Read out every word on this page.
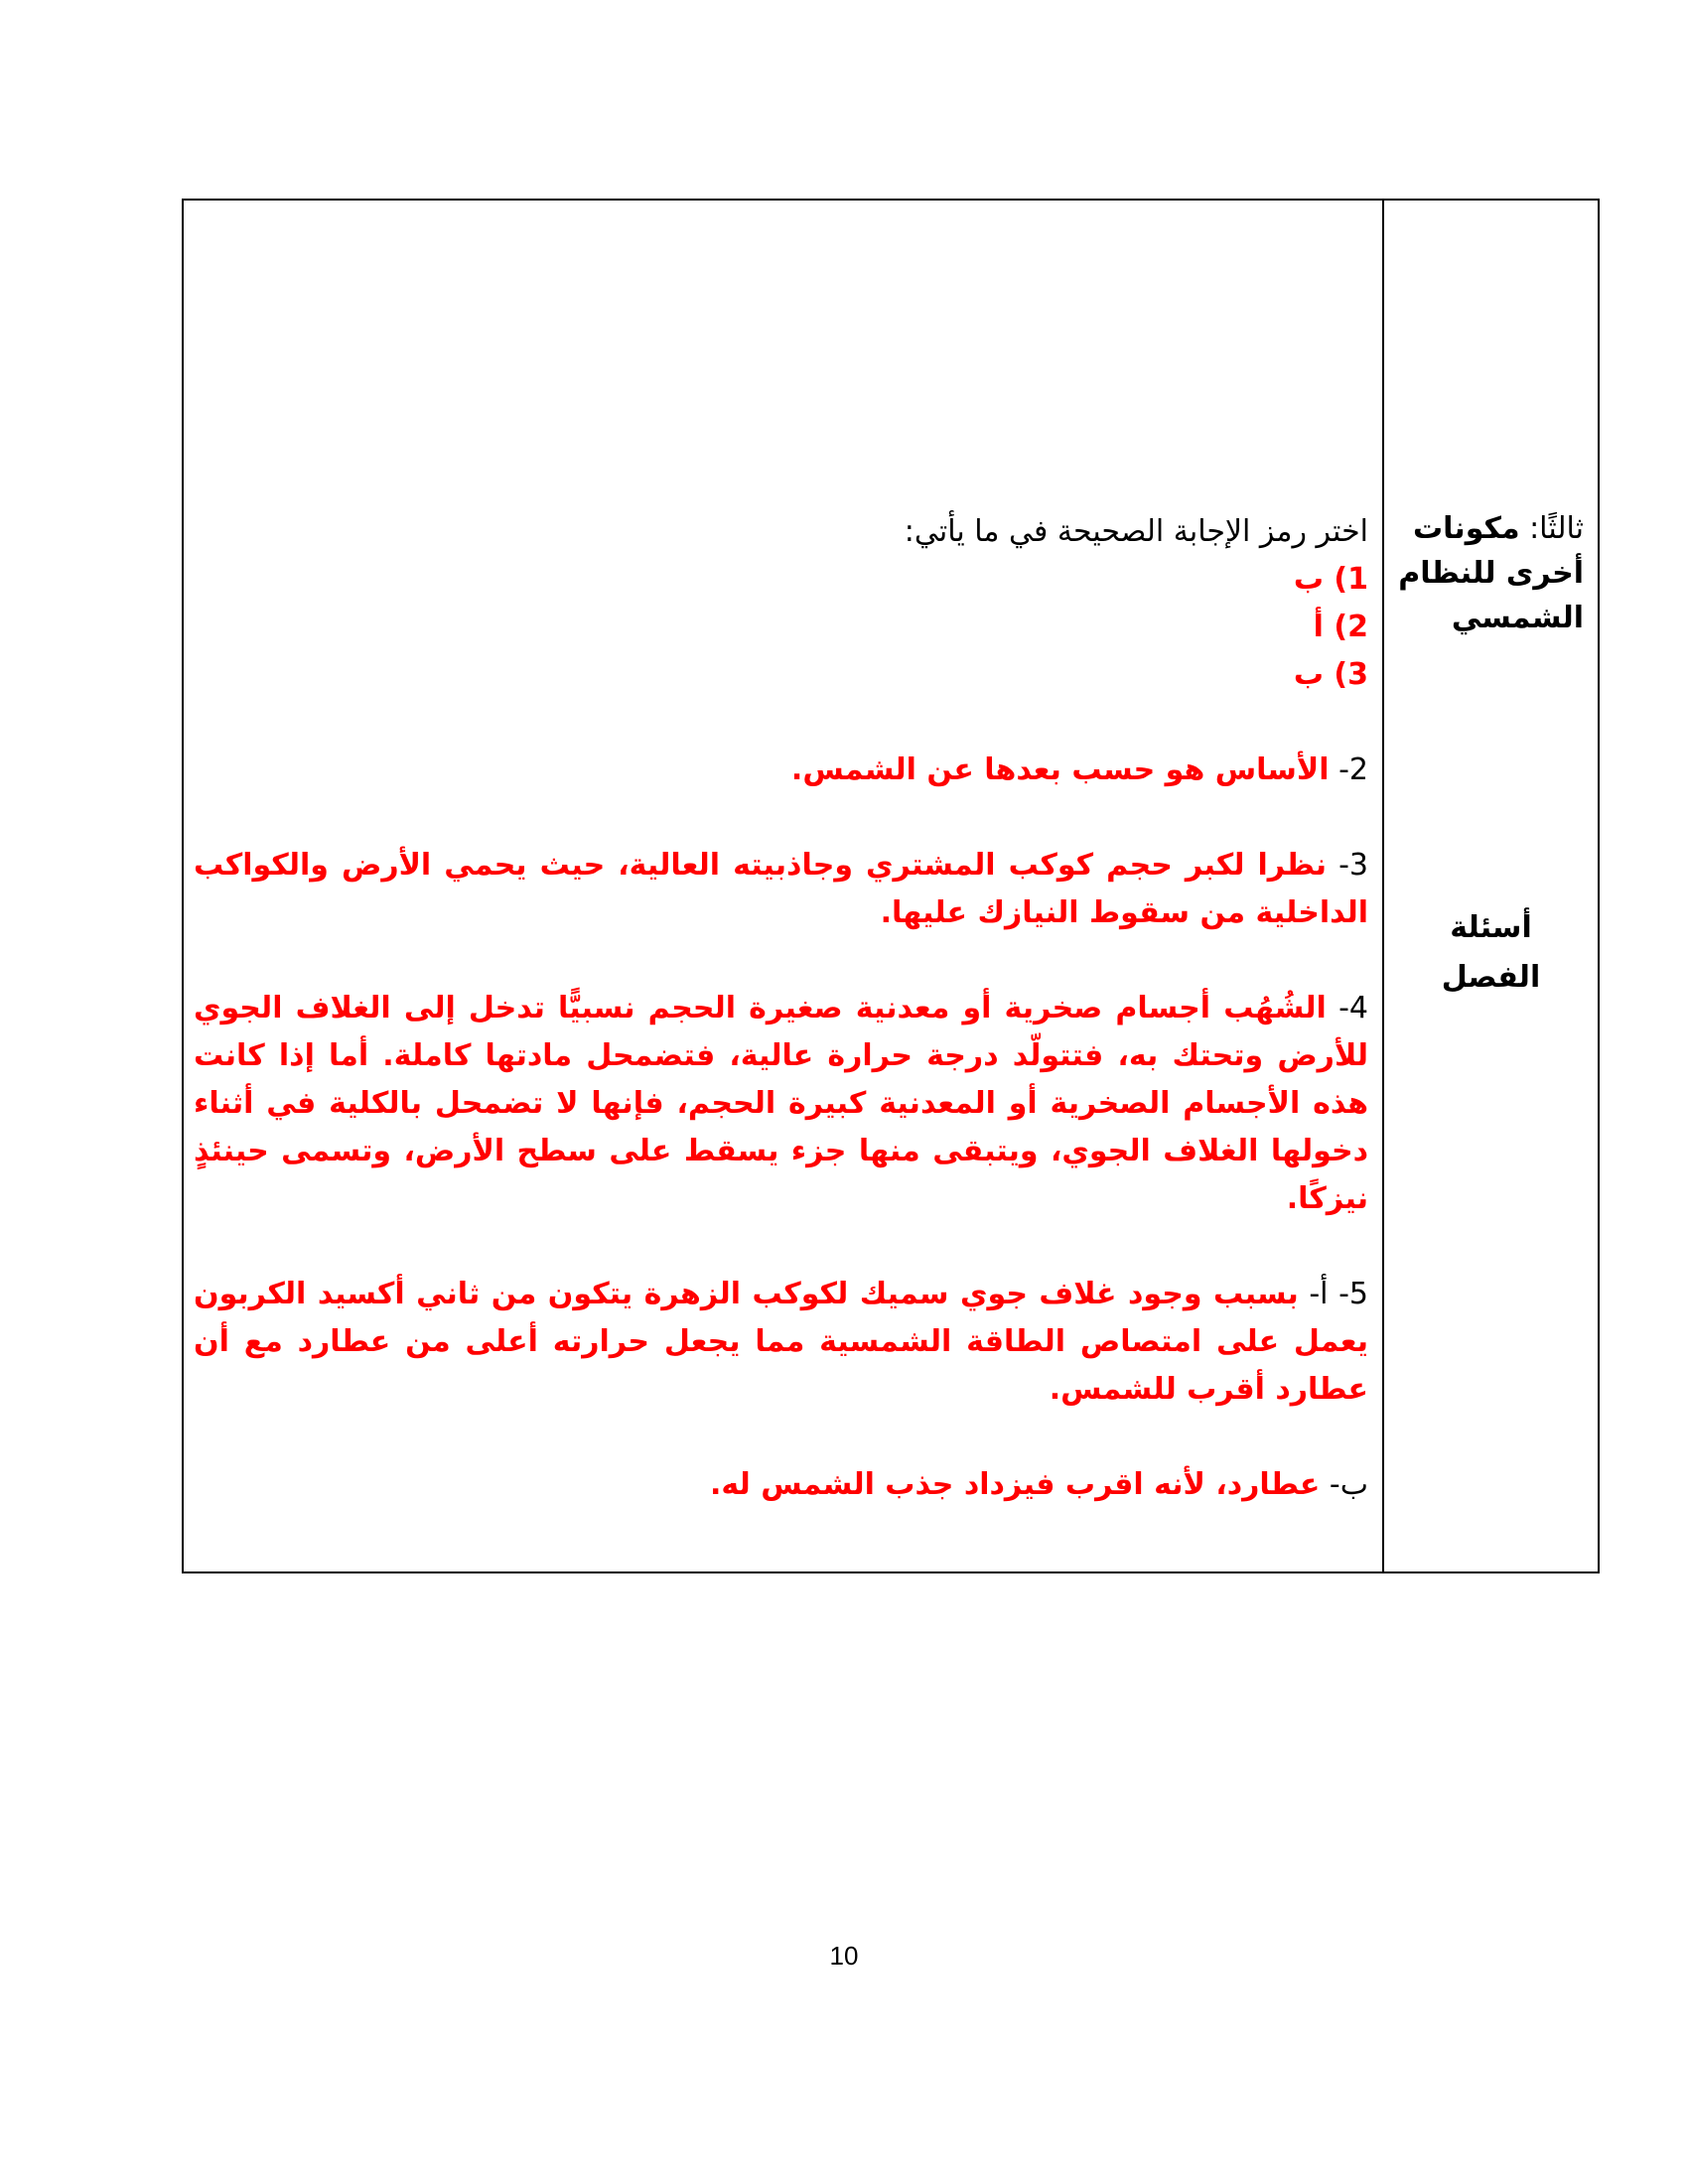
ثالثًا: مكونات أخرى للنظام الشمسي
أسئلة
الفصل

اختر رمز الإجابة الصحيحة في ما يأتي:

1) ب

2) أ

3) ب

2- الأساس هو حسب بعدها عن الشمس.

3- نظرا لكبر حجم كوكب المشتري وجاذبيته العالية، حيث يحمي الأرض والكواكب الداخلية من سقوط النيازك عليها.

4- الشُهُب أجسام صخرية أو معدنية صغيرة الحجم نسبيًّا تدخل إلى الغلاف الجوي للأرض وتحتك به، فتتولّد درجة حرارة عالية، فتضمحل مادتها كاملة. أما إذا كانت هذه الأجسام الصخرية أو المعدنية كبيرة الحجم، فإنها لا تضمحل بالكلية في أثناء دخولها الغلاف الجوي، ويتبقى منها جزء يسقط على سطح الأرض، وتسمى حينئذٍ نيزكًا.

5- أ- بسبب وجود غلاف جوي سميك لكوكب الزهرة يتكون من ثاني أكسيد الكربون يعمل على امتصاص الطاقة الشمسية مما يجعل حرارته أعلى من عطارد مع أن عطارد أقرب للشمس.

ب- عطارد، لأنه اقرب فيزداد جذب الشمس له.

10
